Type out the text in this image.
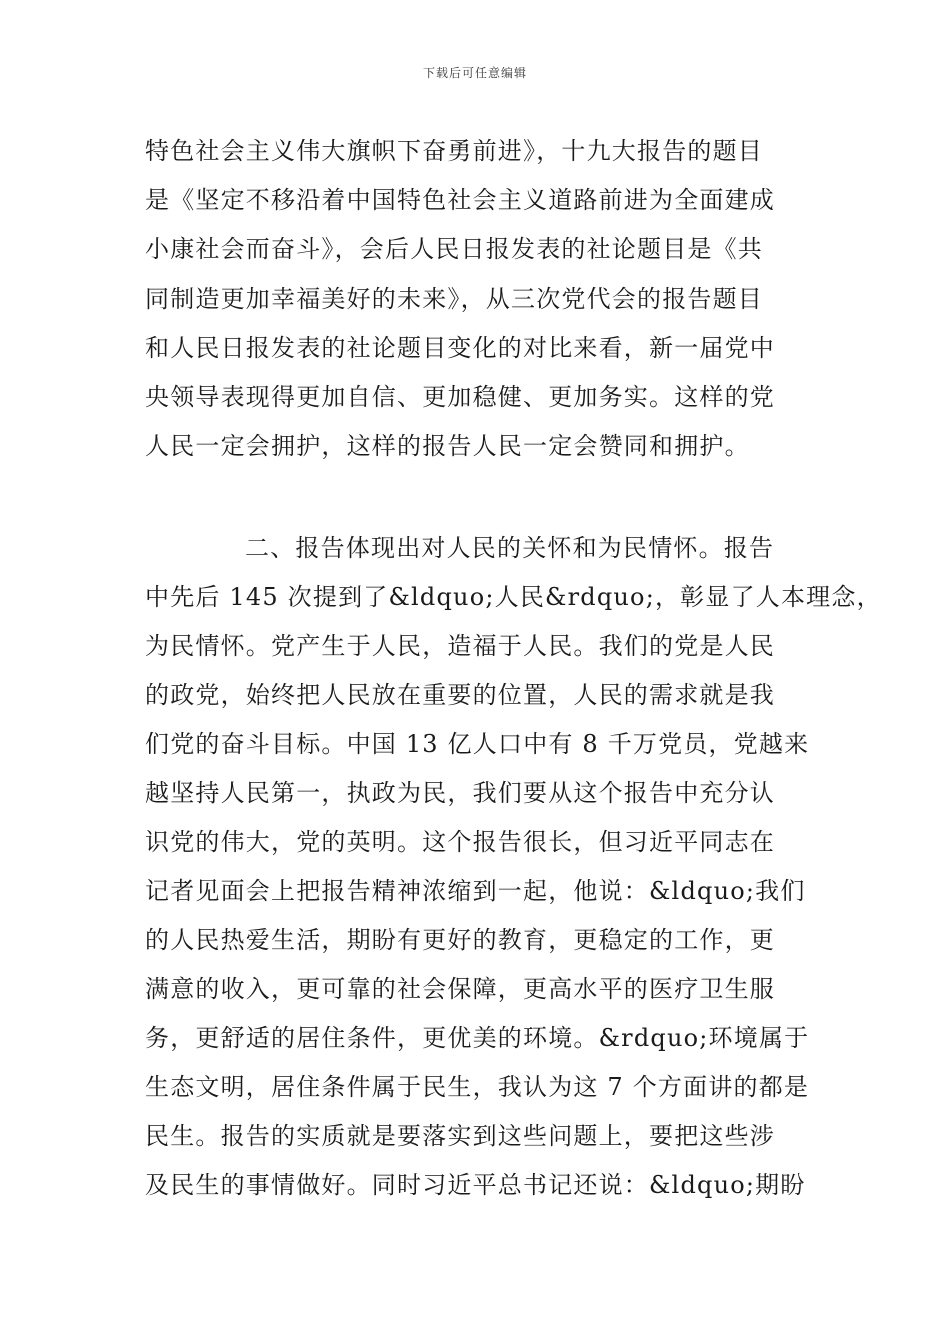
下载后可任意编辑
特色社会主义伟大旗帜下奋勇前进》，十九大报告的题目
是《坚定不移沿着中国特色社会主义道路前进为全面建成
小康社会而奋斗》，会后人民日报发表的社论题目是《共
同制造更加幸福美好的未来》，从三次党代会的报告题目
和人民日报发表的社论题目变化的对比来看，新一届党中
央领导表现得更加自信、更加稳健、更加务实。这样的党
人民一定会拥护，这样的报告人民一定会赞同和拥护。
二、报告体现出对人民的关怀和为民情怀。报告
中先后 145 次提到了&ldquo;人民&rdquo;，彰显了人本理念，
为民情怀。党产生于人民，造福于人民。我们的党是人民
的政党，始终把人民放在重要的位置，人民的需求就是我
们党的奋斗目标。中国 13 亿人口中有 8 千万党员，党越来
越坚持人民第一，执政为民，我们要从这个报告中充分认
识党的伟大，党的英明。这个报告很长，但习近平同志在
记者见面会上把报告精神浓缩到一起，他说：&ldquo;我们
的人民热爱生活，期盼有更好的教育，更稳定的工作，更
满意的收入，更可靠的社会保障，更高水平的医疗卫生服
务，更舒适的居住条件，更优美的环境。&rdquo;环境属于
生态文明，居住条件属于民生，我认为这 7 个方面讲的都是
民生。报告的实质就是要落实到这些问题上，要把这些涉
及民生的事情做好。同时习近平总书记还说：&ldquo;期盼
